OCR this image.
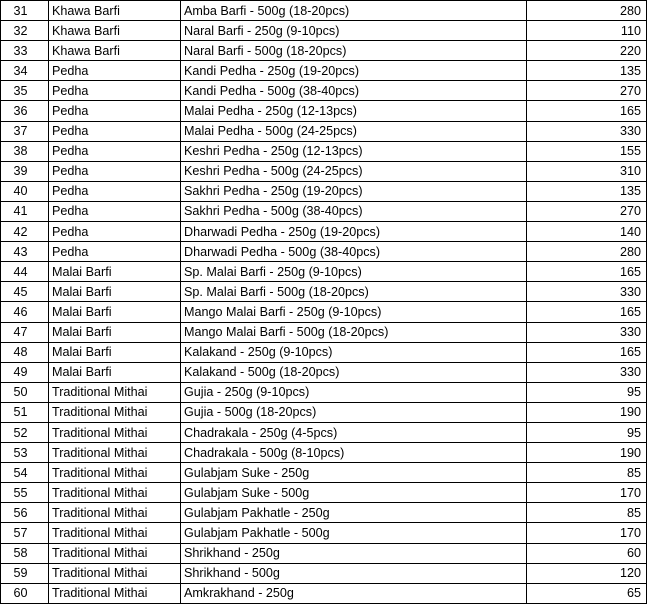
31	Khawa Barfi	Amba Barfi - 500g (18-20pcs)	280
32	Khawa Barfi	Naral Barfi - 250g (9-10pcs)	110
33	Khawa Barfi	Naral Barfi - 500g (18-20pcs)	220
34	Pedha	Kandi Pedha - 250g (19-20pcs)	135
35	Pedha	Kandi Pedha - 500g (38-40pcs)	270
36	Pedha	Malai Pedha - 250g (12-13pcs)	165
37	Pedha	Malai Pedha - 500g (24-25pcs)	330
38	Pedha	Keshri Pedha - 250g (12-13pcs)	155
39	Pedha	Keshri Pedha - 500g (24-25pcs)	310
40	Pedha	Sakhri Pedha - 250g (19-20pcs)	135
41	Pedha	Sakhri Pedha - 500g (38-40pcs)	270
42	Pedha	Dharwadi Pedha - 250g (19-20pcs)	140
43	Pedha	Dharwadi Pedha - 500g (38-40pcs)	280
44	Malai Barfi	Sp. Malai Barfi - 250g (9-10pcs)	165
45	Malai Barfi	Sp. Malai Barfi - 500g (18-20pcs)	330
46	Malai Barfi	Mango Malai Barfi - 250g (9-10pcs)	165
47	Malai Barfi	Mango Malai Barfi - 500g (18-20pcs)	330
48	Malai Barfi	Kalakand - 250g (9-10pcs)	165
49	Malai Barfi	Kalakand - 500g (18-20pcs)	330
50	Traditional Mithai	Gujia - 250g (9-10pcs)	95
51	Traditional Mithai	Gujia - 500g (18-20pcs)	190
52	Traditional Mithai	Chadrakala - 250g (4-5pcs)	95
53	Traditional Mithai	Chadrakala - 500g (8-10pcs)	190
54	Traditional Mithai	Gulabjam Suke - 250g	85
55	Traditional Mithai	Gulabjam Suke - 500g	170
56	Traditional Mithai	Gulabjam Pakhatle - 250g	85
57	Traditional Mithai	Gulabjam Pakhatle - 500g	170
58	Traditional Mithai	Shrikhand - 250g	60
59	Traditional Mithai	Shrikhand - 500g	120
60	Traditional Mithai	Amkrakhand - 250g	65
